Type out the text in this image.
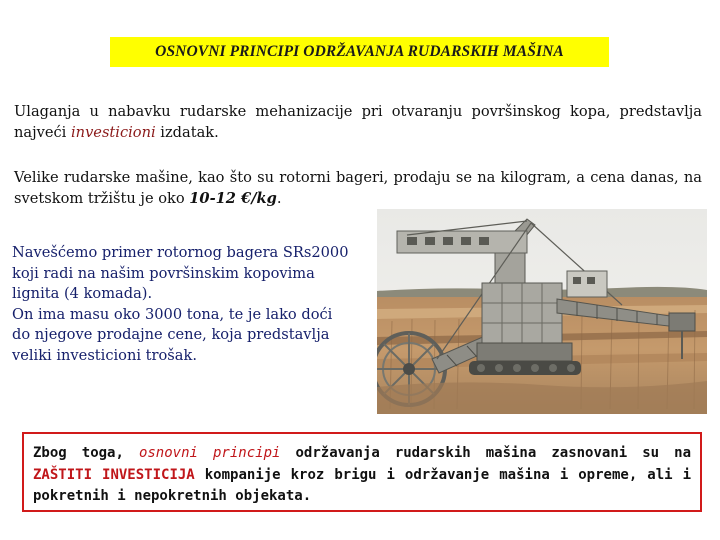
OSNOVNI PRINCIPI ODRŽAVANJA RUDARSKIH MAŠINA
Ulaganja u nabavku rudarske mehanizacije pri otvaranju površinskog kopa, predstavlja najveći investicioni izdatak.
Velike rudarske mašine, kao što su rotorni bageri, prodaju se na kilogram, a cena danas, na svetskom tržištu je oko 10-12 €/kg.
Navešćemo primer rotornog bagera SRs2000
koji radi na našim površinskim kopovima
lignita (4 komada).
On ima masu oko 3000 tona, te je lako doći
do njegove prodajne cene, koja predstavlja
veliki investicioni trošak.
Zbog toga, osnovni principi održavanja rudarskih mašina zasnovani su na ZAŠTITI INVESTICIJA kompanije kroz brigu i održavanje mašina i opreme, ali i pokretnih i nepokretnih objekata.
